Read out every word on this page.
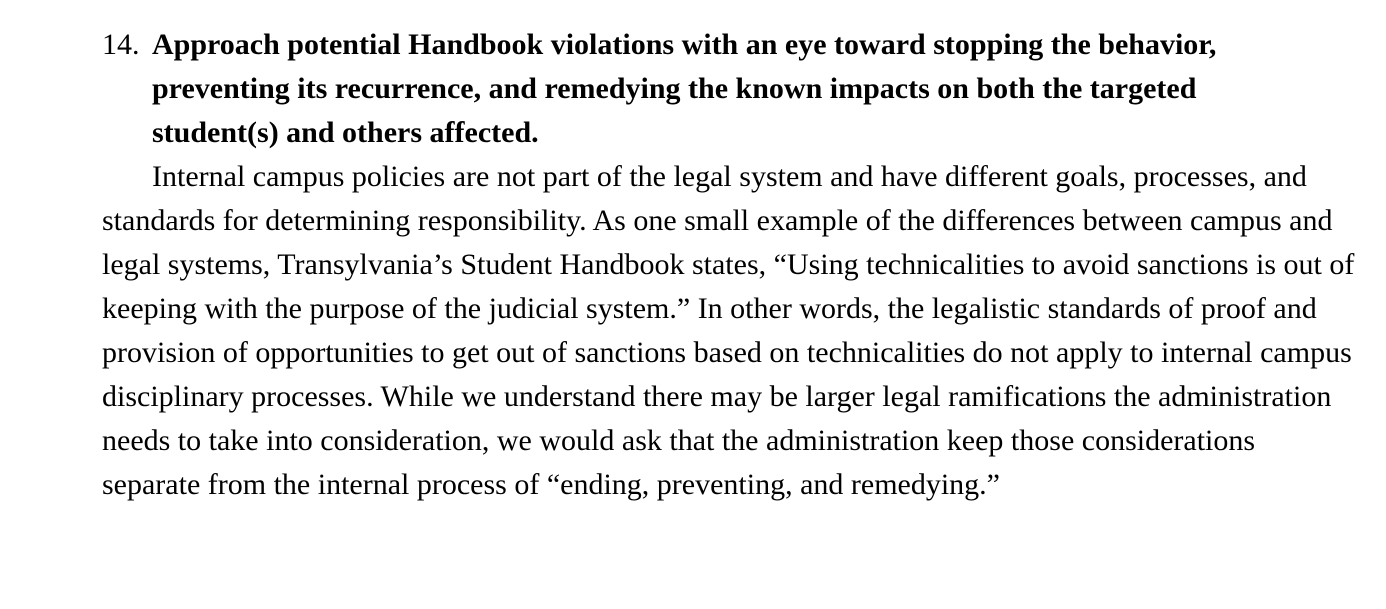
14. Approach potential Handbook violations with an eye toward stopping the behavior, preventing its recurrence, and remedying the known impacts on both the targeted student(s) and others affected.

Internal campus policies are not part of the legal system and have different goals, processes, and standards for determining responsibility. As one small example of the differences between campus and legal systems, Transylvania’s Student Handbook states, “Using technicalities to avoid sanctions is out of keeping with the purpose of the judicial system.” In other words, the legalistic standards of proof and provision of opportunities to get out of sanctions based on technicalities do not apply to internal campus disciplinary processes. While we understand there may be larger legal ramifications the administration needs to take into consideration, we would ask that the administration keep those considerations separate from the internal process of “ending, preventing, and remedying.”
